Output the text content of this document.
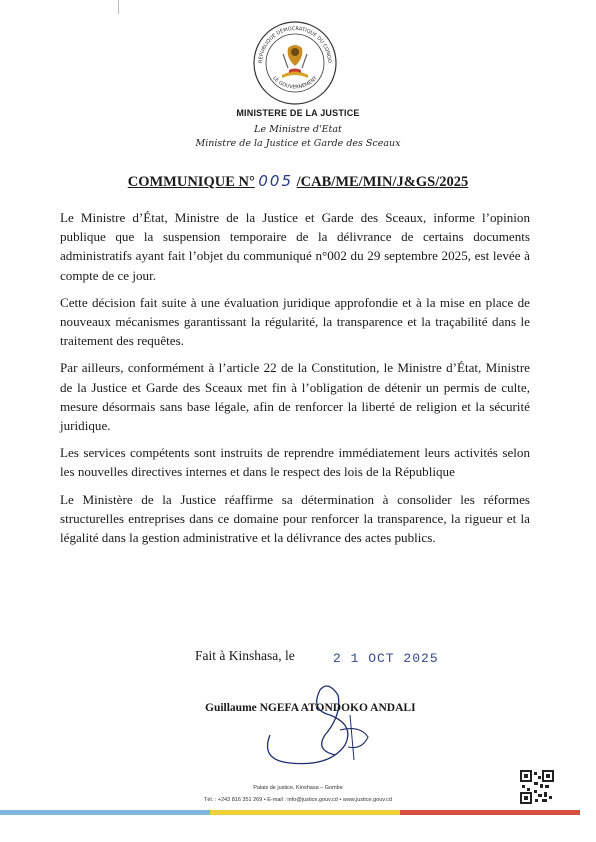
RÉPUBLIQUE DÉMOCRATIQUE DU CONGO
LE GOUVERNEMENT
MINISTERE DE LA JUSTICE
Le Ministre d'Etat
Ministre de la Justice et Garde des Sceaux
COMMUNIQUE N° 005 /CAB/ME/MIN/J&GS/2025

Le Ministre d’État, Ministre de la Justice et Garde des Sceaux, informe l’opinion publique que la suspension temporaire de la délivrance de certains documents administratifs ayant fait l’objet du communiqué n°002 du 29 septembre 2025, est levée à compte de ce jour.

Cette décision fait suite à une évaluation juridique approfondie et à la mise en place de nouveaux mécanismes garantissant la régularité, la transparence et la traçabilité dans le traitement des requêtes.

Par ailleurs, conformément à l’article 22 de la Constitution, le Ministre d’État, Ministre de la Justice et Garde des Sceaux met fin à l’obligation de détenir un permis de culte, mesure désormais sans base légale, afin de renforcer la liberté de religion et la sécurité juridique.

Les services compétents sont instruits de reprendre immédiatement leurs activités selon les nouvelles directives internes et dans le respect des lois de la République

Le Ministère de la Justice réaffirme sa détermination à consolider les réformes structurelles entreprises dans ce domaine pour renforcer la transparence, la rigueur et la légalité dans la gestion administrative et la délivrance des actes publics.

Fait à Kinshasa, le	2 1 OCT 2025
Guillaume NGEFA ATONDOKO ANDALI
Palais de justice, Kinshasa – Gombe
Tél. : +243 816 351 269 • E-mail : info@justice.gouv.cd • www.justice.gouv.cd
